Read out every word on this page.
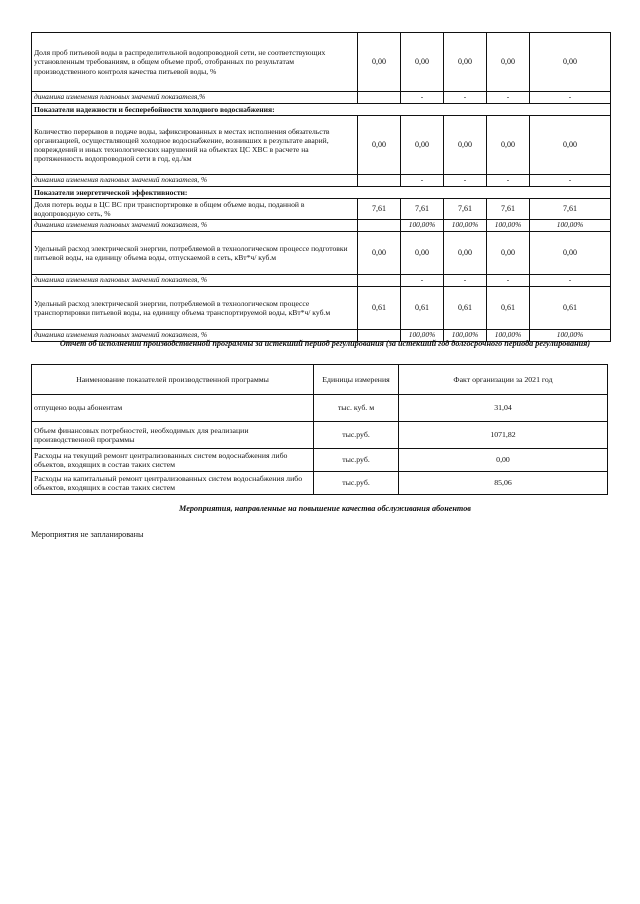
Доля проб питьевой воды в распределительной водопроводной сети, не соответствующих установленным требованиям, в общем объеме проб, отобранных по результатам производственного контроля качества питьевой воды, %	0,00	0,00	0,00	0,00	0,00
динамика изменения плановых значений показателя,%		-	-	-	-
Показатели надежности и бесперебойности холодного водоснабжения:					
Количество перерывов в подаче воды, зафиксированных в местах исполнения обязательств организацией, осуществляющей холодное водоснабжение, возникших в результате аварий, повреждений и иных технологических нарушений на объектах ЦС ХВС в расчете на протяженность водопроводной сети в год, ед./км	0,00	0,00	0,00	0,00	0,00
динамика изменения плановых значений показателя, %		-	-	-	-
Показатели энергетической эффективности:					
Доля потерь воды в ЦС ВС при транспортировке в общем объеме воды, поданной в водопроводную сеть, %	7,61	7,61	7,61	7,61	7,61
динамика изменения плановых значений показателя, %		100,00%	100,00%	100,00%	100,00%
Удельный расход электрической энергии, потребляемой в технологическом процессе подготовки питьевой воды, на единицу объема воды, отпускаемой в сеть, кВт*ч/ куб.м	0,00	0,00	0,00	0,00	0,00
динамика изменения плановых значений показателя, %		-	-	-	-
Удельный расход электрической энергии, потребляемой в технологическом процессе транспортировки питьевой воды, на единицу объема транспортируемой воды, кВт*ч/ куб.м	0,61	0,61	0,61	0,61	0,61
динамика изменения плановых значений показателя, %		100,00%	100,00%	100,00%	100,00%
Отчет об исполнении производственной программы за истекший период регулирования (за истекший год долгосрочного периода регулирования)
Наименование показателей производственной программы	Единицы измерения	Факт организации за 2021 год
отпущено воды абонентам	тыс. куб. м	31,04
Объем финансовых потребностей, необходимых для реализации производственной программы	тыс.руб.	1071,82
Расходы на текущий ремонт централизованных систем водоснабжения либо объектов, входящих в состав таких систем	тыс.руб.	0,00
Расходы на капитальный ремонт централизованных систем водоснабжения либо объектов, входящих в состав таких систем	тыс.руб.	85,06
Мероприятия, направленные на повышение качества обслуживания абонентов
Мероприятия не запланированы
